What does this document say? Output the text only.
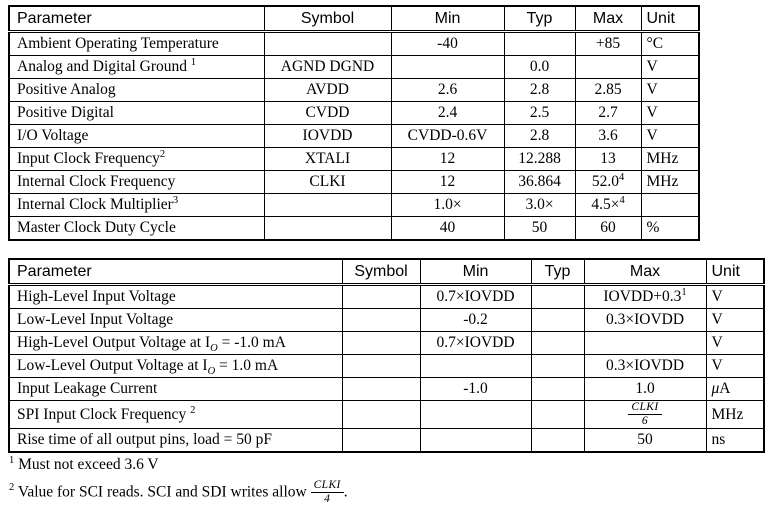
Parameter	Symbol	Min	Typ	Max	Unit
Ambient Operating Temperature		-40		+85	°C
Analog and Digital Ground $^1$	AGND DGND		0.0		V
Positive Analog	AVDD	2.6	2.8	2.85	V
Positive Digital	CVDD	2.4	2.5	2.7	V
I/O Voltage	IOVDD	CVDD-0.6V	2.8	3.6	V
Input Clock Frequency$^2$	XTALI	12	12.288	13	MHz
Internal Clock Frequency	CLKI	12	36.864	52.0$^4$	MHz
Internal Clock Multiplier$^3$		1.0×	3.0×	4.5×$^4$	
Master Clock Duty Cycle		40	50	60	%
Parameter	Symbol	Min	Typ	Max	Unit
High-Level Input Voltage		0.7×IOVDD		$IOVDD+0.3^1$	V
Low-Level Input Voltage		-0.2		0.3×IOVDD	V
High-Level Output Voltage at $I_O = -1.0$ mA		0.7×IOVDD			V
Low-Level Output Voltage at $I_O = 1.0$ mA				0.3×IOVDD	V
Input Leakage Current		-1.0		1.0	μA
SPI Input Clock Frequency $^2$				$\frac{\text{CLKI}}{6}$	MHz
Rise time of all output pins, load = 50 pF				50	ns
$^1$ Must not exceed 3.6 V
$^2$ Value for SCI reads. SCI and SDI writes allow $\frac{\text{CLKI}}{4}$ .
